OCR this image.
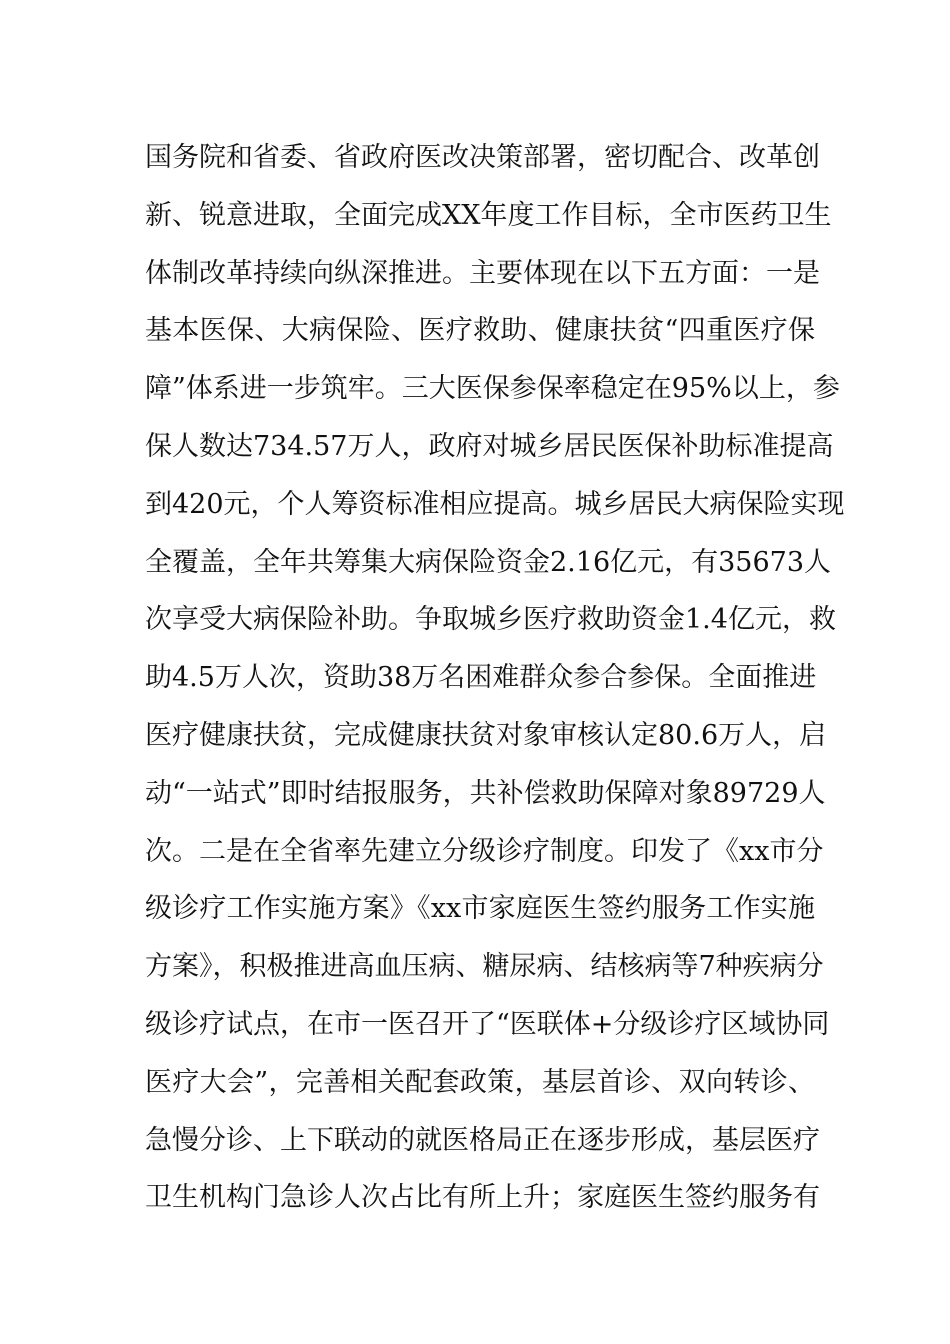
国务院和省委、省政府医改决策部署，密切配合、改革创
新、锐意进取，全面完成XX年度工作目标，全市医药卫生
体制改革持续向纵深推进。主要体现在以下五方面：一是
基本医保、大病保险、医疗救助、健康扶贫“四重医疗保
障”体系进一步筑牢。三大医保参保率稳定在95%以上，参
保人数达734.57万人，政府对城乡居民医保补助标准提高
到420元，个人筹资标准相应提高。城乡居民大病保险实现
全覆盖，全年共筹集大病保险资金2.16亿元，有35673人
次享受大病保险补助。争取城乡医疗救助资金1.4亿元，救
助4.5万人次，资助38万名困难群众参合参保。全面推进
医疗健康扶贫，完成健康扶贫对象审核认定80.6万人，启
动“一站式”即时结报服务，共补偿救助保障对象89729人
次。二是在全省率先建立分级诊疗制度。印发了《xx市分
级诊疗工作实施方案》《xx市家庭医生签约服务工作实施
方案》，积极推进高血压病、糖尿病、结核病等7种疾病分
级诊疗试点，在市一医召开了“医联体+分级诊疗区域协同
医疗大会”，完善相关配套政策，基层首诊、双向转诊、
急慢分诊、上下联动的就医格局正在逐步形成，基层医疗
卫生机构门急诊人次占比有所上升；家庭医生签约服务有
